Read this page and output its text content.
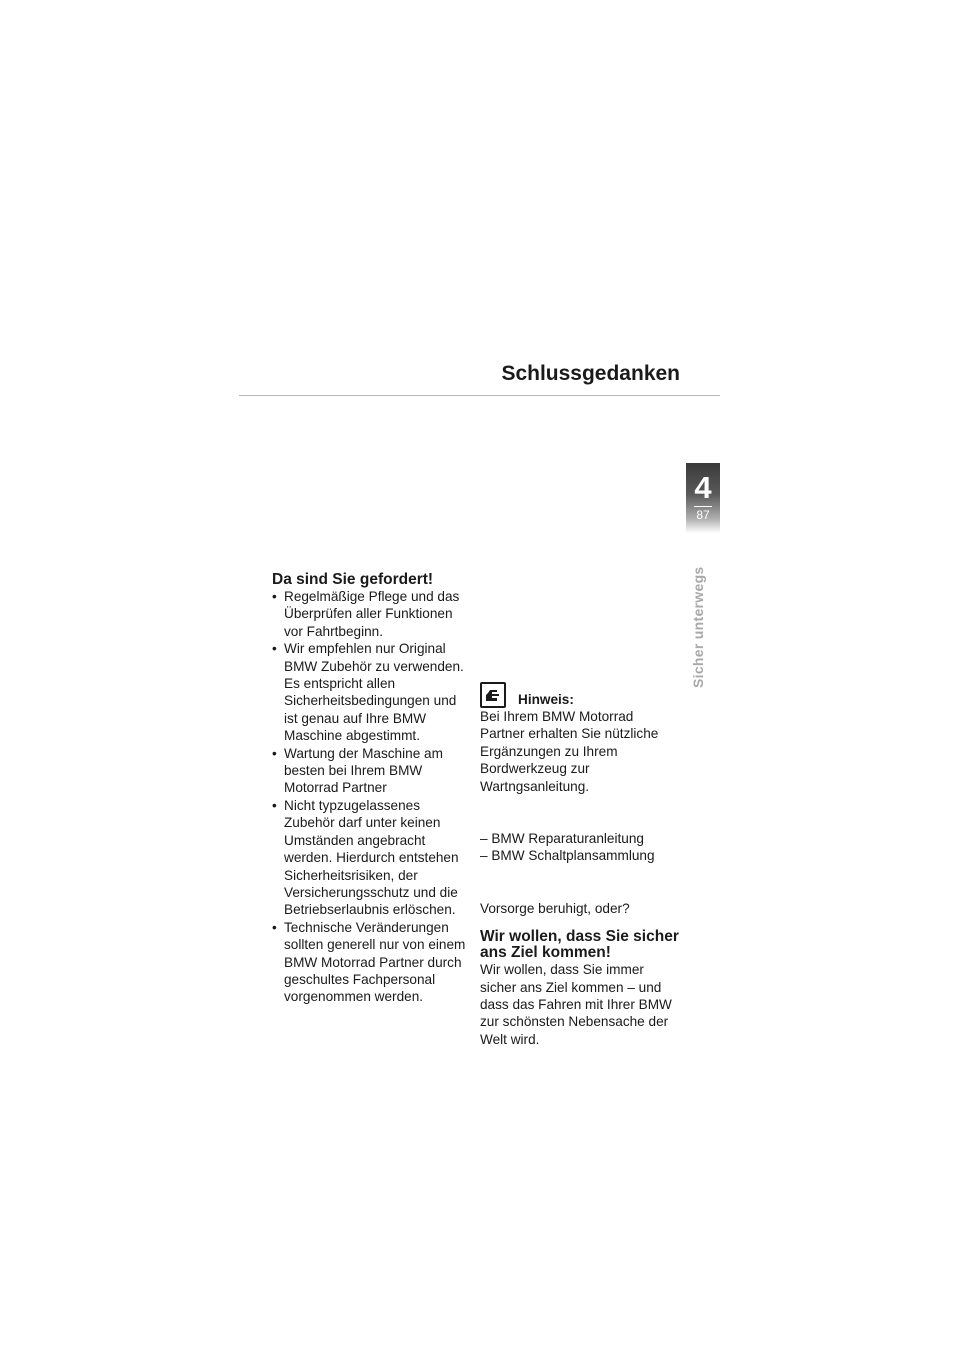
Schlussgedanken
4
87
Sicher unterwegs
Da sind Sie gefordert!
• Regelmäßige Pflege und das Überprüfen aller Funktionen vor Fahrtbeginn.
• Wir empfehlen nur Original BMW Zubehör zu verwenden. Es entspricht allen Sicherheitsbedingungen und ist genau auf Ihre BMW Maschine abgestimmt.
• Wartung der Maschine am besten bei Ihrem BMW Motorrad Partner
• Nicht typzugelassenes Zubehör darf unter keinen Umständen angebracht werden. Hierdurch entstehen Sicherheitsrisiken, der Versicherungsschutz und die Betriebserlaubnis erlöschen.
• Technische Veränderungen sollten generell nur von einem BMW Motorrad Partner durch geschultes Fachpersonal vorgenommen werden.
Hinweis:

Bei Ihrem BMW Motorrad Partner erhalten Sie nützliche Ergänzungen zu Ihrem Bordwerkzeug zur Wartngsanleitung.

– BMW Reparaturanleitung
– BMW Schaltplansammlung

Vorsorge beruhigt, oder?

Wir wollen, dass Sie sicher ans Ziel kommen!

Wir wollen, dass Sie immer sicher ans Ziel kommen – und dass das Fahren mit Ihrer BMW zur schönsten Nebensache der Welt wird.
